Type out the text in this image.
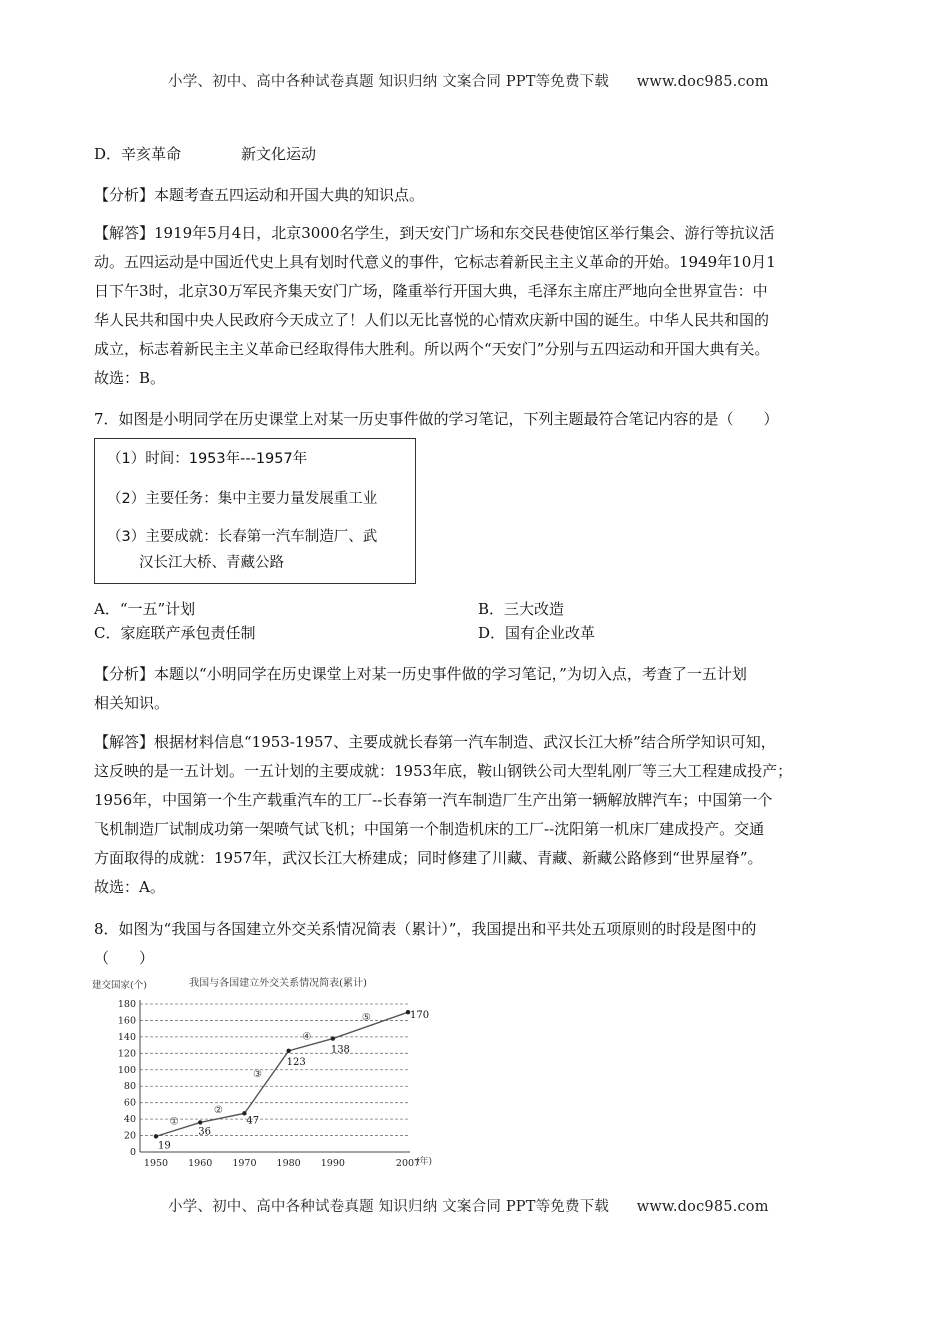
小学、初中、高中各种试卷真题 知识归纳 文案合同 PPT等免费下载 www.doc985.com
D．辛亥革命　　　　新文化运动
【分析】本题考查五四运动和开国大典的知识点。
【解答】1919年5月4日，北京3000名学生，到天安门广场和东交民巷使馆区举行集会、游行等抗议活
动。五四运动是中国近代史上具有划时代意义的事件，它标志着新民主主义革命的开始。1949年10月1
日下午3时，北京30万军民齐集天安门广场，隆重举行开国大典，毛泽东主席庄严地向全世界宣告：中
华人民共和国中央人民政府今天成立了！人们以无比喜悦的心情欢庆新中国的诞生。中华人民共和国的
成立，标志着新民主主义革命已经取得伟大胜利。所以两个“天安门”分别与五四运动和开国大典有关。
故选：B。
7．如图是小明同学在历史课堂上对某一历史事件做的学习笔记，下列主题最符合笔记内容的是（　　）
（1）时间：1953年---1957年
（2）主要任务：集中主要力量发展重工业
（3）主要成就：长春第一汽车制造厂、武
汉长江大桥、青藏公路
A．“一五”计划	B．三大改造
C．家庭联产承包责任制	D．国有企业改革
【分析】本题以“小明同学在历史课堂上对某一历史事件做的学习笔记，”为切入点，考查了一五计划
相关知识。
【解答】根据材料信息“1953-1957、主要成就长春第一汽车制造、武汉长江大桥”结合所学知识可知，
这反映的是一五计划。一五计划的主要成就：1953年底，鞍山钢铁公司大型轧刚厂等三大工程建成投产；
1956年，中国第一个生产载重汽车的工厂--长春第一汽车制造厂生产出第一辆解放牌汽车；中国第一个
飞机制造厂试制成功第一架喷气试飞机；中国第一个制造机床的工厂--沈阳第一机床厂建成投产。交通
方面取得的成就：1957年，武汉长江大桥建成；同时修建了川藏、青藏、新藏公路修到“世界屋脊”。
故选：A。
8．如图为“我国与各国建立外交关系情况简表（累计）”，我国提出和平共处五项原则的时段是图中的
（　　）
我国与各国建立外交关系情况简表(累计)
建交国家(个)
0
20
40
60
80
100
120
140
160
180
1950 1960 1970 1980 1990	2007
(年)
19
36
47
123
138
170
①
②
③
④
⑤
小学、初中、高中各种试卷真题 知识归纳 文案合同 PPT等免费下载 www.doc985.com
